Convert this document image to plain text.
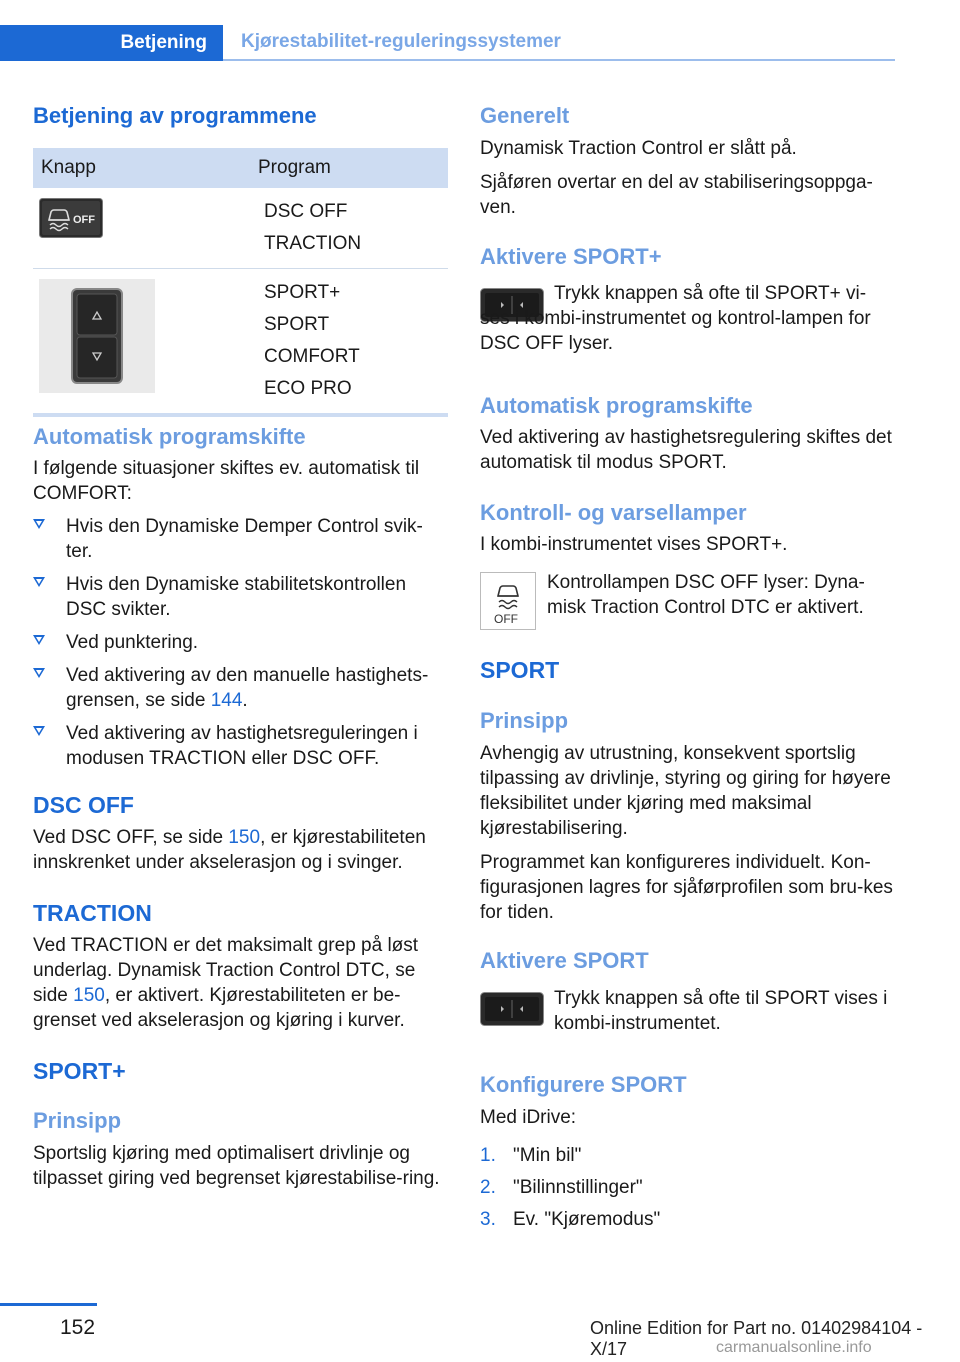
Betjening	Kjørestabilitet-reguleringssystemer
Betjening av programmene
Knapp	Program

OFF	DSC OFF
TRACTION

SPORT+
SPORT
COMFORT
ECO PRO
Automatisk programskifte
I følgende situasjoner skiftes ev. automatisk til COMFORT:
Hvis den Dynamiske Demper Control svik-ter.
Hvis den Dynamiske stabilitetskontrollen DSC svikter.
Ved punktering.
Ved aktivering av den manuelle hastighets-grensen, se side 144.
Ved aktivering av hastighetsreguleringen i modusen TRACTION eller DSC OFF.
DSC OFF
Ved DSC OFF, se side 150, er kjørestabiliteten innskrenket under akselerasjon og i svinger.
TRACTION
Ved TRACTION er det maksimalt grep på løst underlag. Dynamisk Traction Control DTC, se side 150, er aktivert. Kjørestabiliteten er be-grenset ved akselerasjon og kjøring i kurver.
SPORT+
Prinsipp
Sportslig kjøring med optimalisert drivlinje og tilpasset giring ved begrenset kjørestabilise-ring.
Generelt
Dynamisk Traction Control er slått på.
Sjåføren overtar en del av stabiliseringsoppga-ven.
Aktivere SPORT+
Trykk knappen så ofte til SPORT+ vi-ses i kombi-instrumentet og kontrol-lampen for DSC OFF lyser.
Automatisk programskifte
Ved aktivering av hastighetsregulering skiftes det automatisk til modus SPORT.
Kontroll- og varsellamper
I kombi-instrumentet vises SPORT+.
OFF
Kontrollampen DSC OFF lyser: Dyna-misk Traction Control DTC er aktivert.
SPORT
Prinsipp
Avhengig av utrustning, konsekvent sportslig tilpassing av drivlinje, styring og giring for høyere fleksibilitet under kjøring med maksimal kjørestabilisering.
Programmet kan konfigureres individuelt. Kon-figurasjonen lagres for sjåførprofilen som bru-kes for tiden.
Aktivere SPORT
Trykk knappen så ofte til SPORT vises i kombi-instrumentet.
Konfigurere SPORT
Med iDrive:
1. "Min bil"
2. "Bilinnstillinger"
3. Ev. "Kjøremodus"
152	Online Edition for Part no. 01402984104 - X/17	carmanualsonline.info
